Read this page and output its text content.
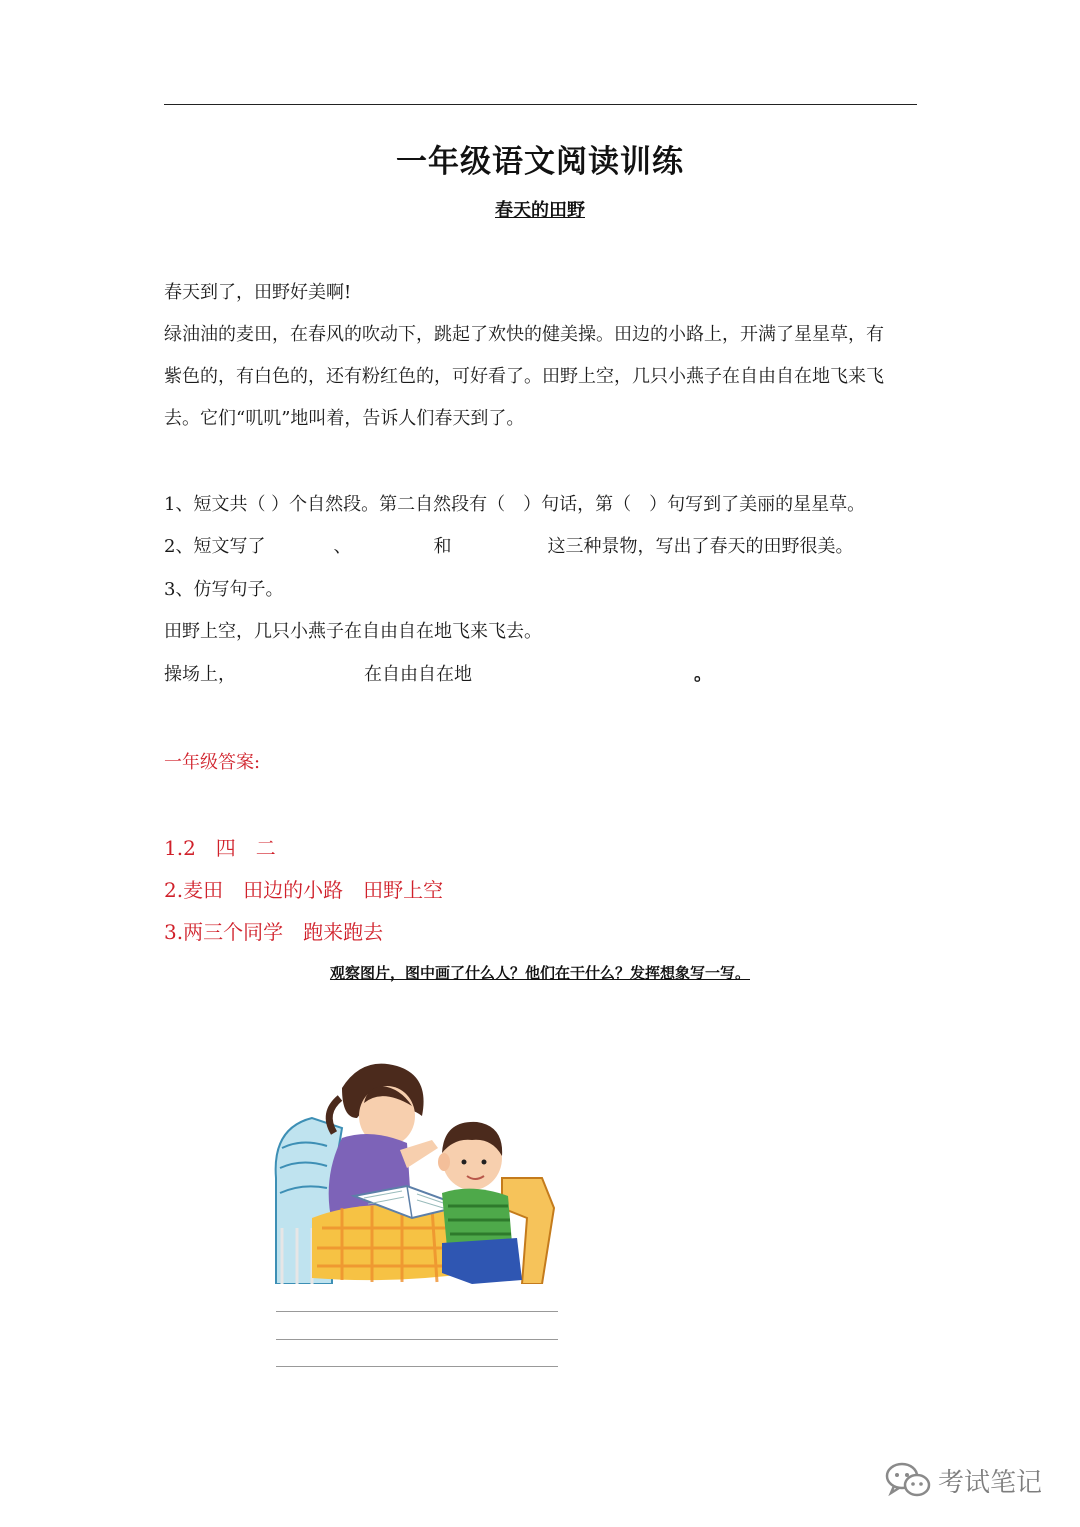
一年级语文阅读训练
春天的田野
春天到了，田野好美啊!
绿油油的麦田，在春风的吹动下，跳起了欢快的健美操。田边的小路上，开满了星星草，有
紫色的，有白色的，还有粉红色的，可好看了。田野上空，几只小燕子在自由自在地飞来飞
去。它们“叽叽”地叫着，告诉人们春天到了。
1、短文共（ ）个自然段。第二自然段有（　）句话，第（　）句写到了美丽的星星草。
2、短文写了	、	和	这三种景物，写出了春天的田野很美。
3、仿写句子。
田野上空，几只小燕子在自由自在地飞来飞去。
操场上，	在自由自在地	。
一年级答案:
1.2　四　二
2.麦田　田边的小路　田野上空
3.两三个同学　跑来跑去
观察图片，图中画了什么人？他们在干什么？发挥想象写一写。
考试笔记
